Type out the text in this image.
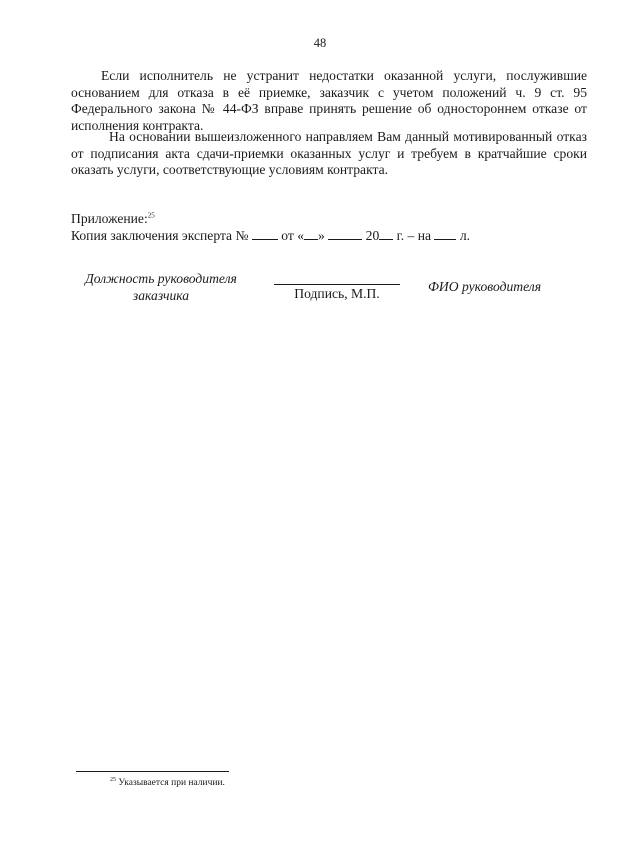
48

Если исполнитель не устранит недостатки оказанной услуги, послужившие основанием для отказа в её приемке, заказчик с учетом положений ч. 9 ст. 95 Федерального закона № 44-ФЗ вправе принять решение об одностороннем отказе от исполнения контракта.

На основании вышеизложенного направляем Вам данный мотивированный отказ от подписания акта сдачи-приемки оказанных услуг и требуем в кратчайшие сроки оказать услуги, соответствующие условиям контракта.

Приложение:$^{25}$
Копия заключения эксперта № от « »	20 г. – на л.
Должность руководителя
заказчика	Подпись, М.П.	ФИО руководителя
$^{25}$ Указывается при наличии.
